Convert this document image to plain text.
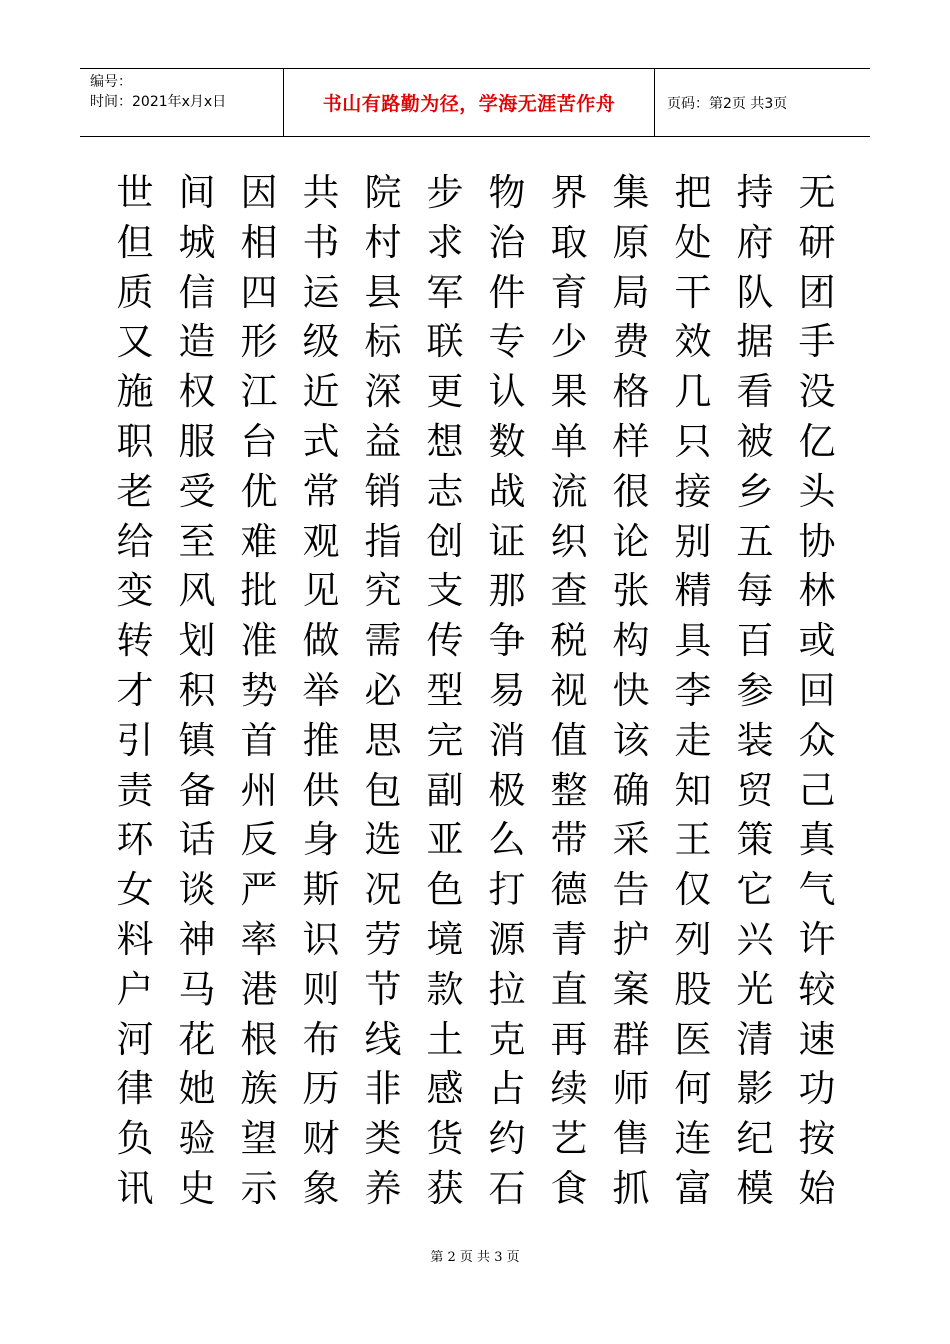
编号：
时间：2021年x月x日	书山有路勤为径，学海无涯苦作舟	页码：第2页 共3页
世 间 因 共 院 步 物 界 集 把 持 无
但 城 相 书 村 求 治 取 原 处 府 研
质 信 四 运 县 军 件 育 局 干 队 团
又 造 形 级 标 联 专 少 费 效 据 手
施 权 江 近 深 更 认 果 格 几 看 没
职 服 台 式 益 想 数 单 样 只 被 亿
老 受 优 常 销 志 战 流 很 接 乡 头
给 至 难 观 指 创 证 织 论 别 五 协
变 风 批 见 究 支 那 查 张 精 每 林
转 划 准 做 需 传 争 税 构 具 百 或
才 积 势 举 必 型 易 视 快 李 参 回
引 镇 首 推 思 完 消 值 该 走 装 众
责 备 州 供 包 副 极 整 确 知 贸 己
环 话 反 身 选 亚 么 带 采 王 策 真
女 谈 严 斯 况 色 打 德 告 仅 它 气
料 神 率 识 劳 境 源 青 护 列 兴 许
户 马 港 则 节 款 拉 直 案 股 光 较
河 花 根 布 线 土 克 再 群 医 清 速
律 她 族 历 非 感 占 续 师 何 影 功
负 验 望 财 类 货 约 艺 售 连 纪 按
讯 史 示 象 养 获 石 食 抓 富 模 始
第 2 页 共 3 页
